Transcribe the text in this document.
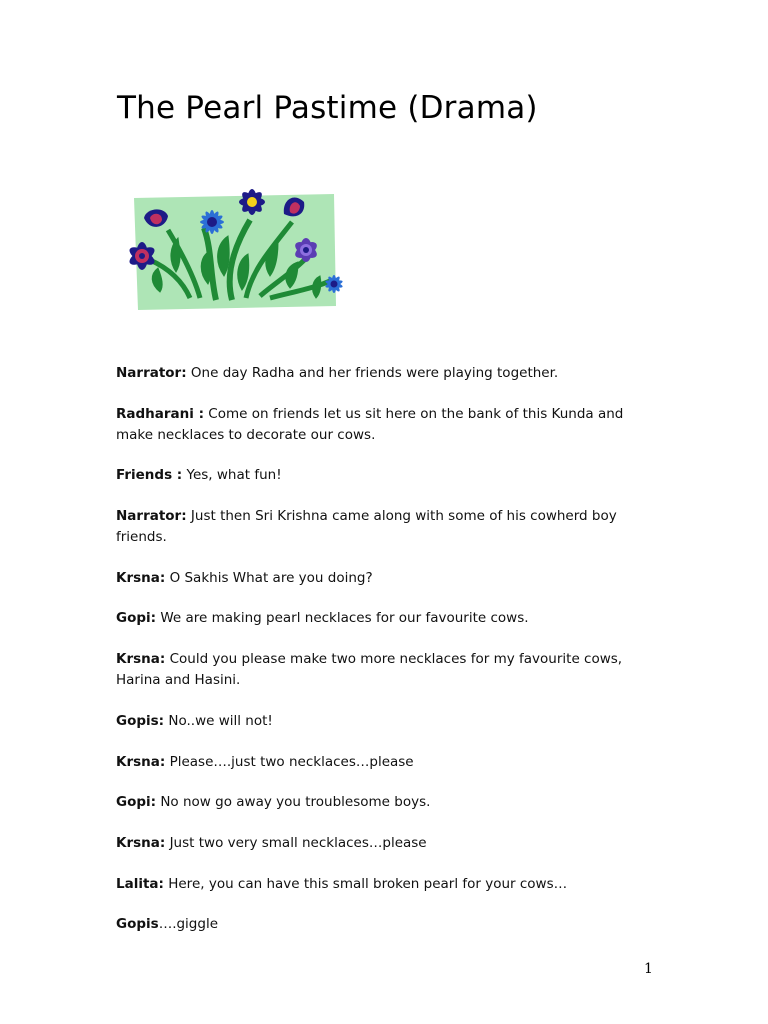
The Pearl Pastime (Drama)

Narrator: One day Radha and her friends were playing together.

Radharani : Come on friends let us sit here on the bank of this Kunda and make necklaces to decorate our cows.

Friends : Yes, what fun!

Narrator: Just then Sri Krishna came along with some of his cowherd boy friends.

Krsna: O Sakhis What are you doing?

Gopi: We are making pearl necklaces for our favourite cows.

Krsna: Could you please make two more necklaces for my favourite cows, Harina and Hasini.

Gopis: No..we will not!

Krsna: Please….just two necklaces…please

Gopi: No now go away you troublesome boys.

Krsna: Just two very small necklaces…please

Lalita: Here, you can have this small broken pearl for your cows…

Gopis….giggle

1
